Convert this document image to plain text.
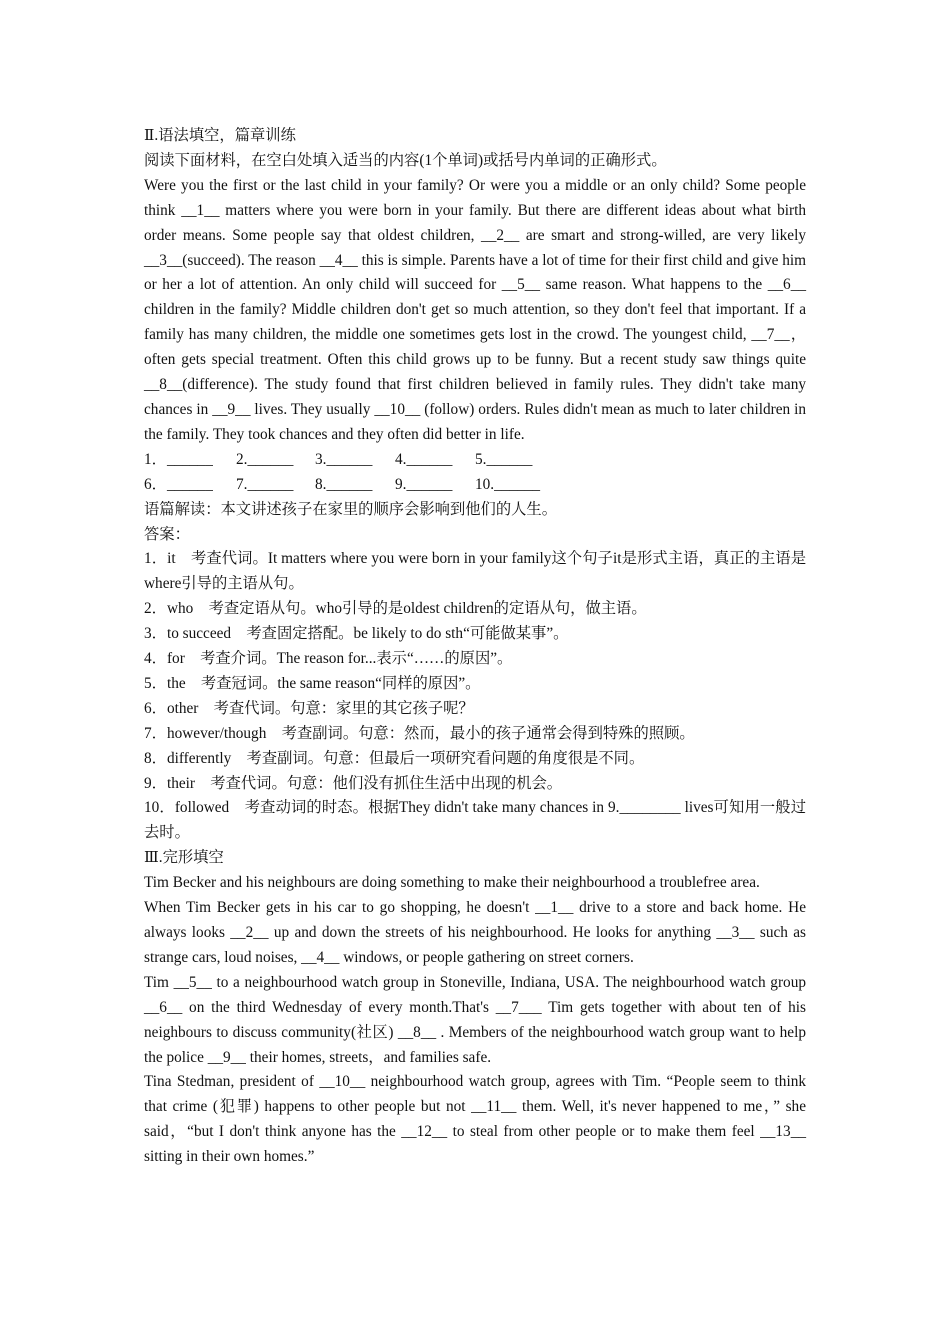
Ⅱ.语法填空，篇章训练

阅读下面材料，在空白处填入适当的内容(1个单词)或括号内单词的正确形式。

Were you the first or the last child in your family? Or were you a middle or an only child? Some people think __1__ matters where you were born in your family. But there are different ideas about what birth order means. Some people say that oldest children, __2__ are smart and strong-willed, are very likely __3__(succeed). The reason __4__ this is simple. Parents have a lot of time for their first child and give him or her a lot of attention. An only child will succeed for __5__ same reason. What happens to the __6__ children in the family? Middle children don't get so much attention, so they don't feel that important. If a family has many children, the middle one sometimes gets lost in the crowd. The youngest child, __7__， often gets special treatment. Often this child grows up to be funny. But a recent study saw things quite __8__(difference). The study found that first children believed in family rules. They didn't take many chances in __9__ lives. They usually __10__ (follow) orders. Rules didn't mean as much to later children in the family. They took chances and they often did better in life.

1．______	2.______	3.______	4.______	5.______
6．______	7.______	8.______	9.______	10.______

语篇解读：本文讲述孩子在家里的顺序会影响到他们的人生。

答案：

1．it　考查代词。It matters where you were born in your family这个句子it是形式主语，真正的主语是where引导的主语从句。

2．who　考查定语从句。who引导的是oldest children的定语从句，做主语。

3．to succeed　考查固定搭配。be likely to do sth“可能做某事”。

4．for　考查介词。The reason for...表示“……的原因”。

5．the　考查冠词。the same reason“同样的原因”。

6．other　考查代词。句意：家里的其它孩子呢？

7．however/though　考查副词。句意：然而，最小的孩子通常会得到特殊的照顾。

8．differently　考查副词。句意：但最后一项研究看问题的角度很是不同。

9．their　考查代词。句意：他们没有抓住生活中出现的机会。

10．followed　考查动词的时态。根据They didn't take many chances in 9.________ lives可知用一般过去时。

Ⅲ.完形填空

Tim Becker and his neighbours are doing something to make their neighbourhood a troublefree area.

When Tim Becker gets in his car to go shopping, he doesn't __1__ drive to a store and back home. He always looks __2__ up and down the streets of his neighbourhood. He looks for anything __3__ such as strange cars, loud noises, __4__ windows, or people gathering on street corners.

Tim __5__ to a neighbourhood watch group in Stoneville, Indiana, USA. The neighbourhood watch group __6__ on the third Wednesday of every month.That's __7___ Tim gets together with about ten of his neighbours to discuss community(社区) __8__ . Members of the neighbourhood watch group want to help the police __9__ their homes, streets，and families safe.

Tina Stedman, president of __10__ neighbourhood watch group, agrees with Tim. “People seem to think that crime (犯罪) happens to other people but not __11__ them. Well, it's never happened to me，” she said，“but I don't think anyone has the __12__ to steal from other people or to make them feel __13__ sitting in their own homes.”
